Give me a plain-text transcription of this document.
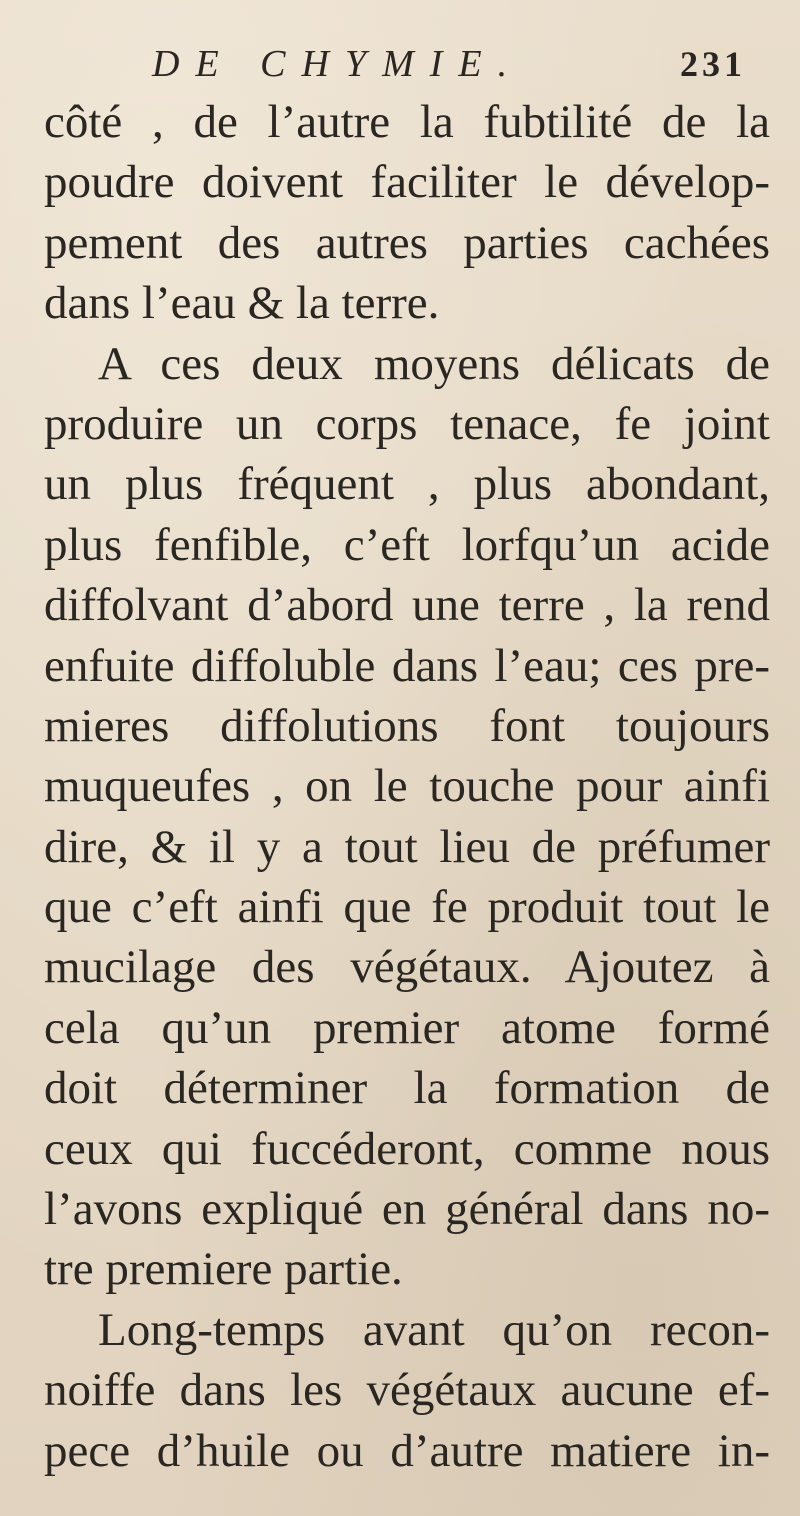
DE CHYMIE.	231
côté , de l’autre la fubtilité de la
poudre doivent faciliter le dévelop-
pement des autres parties cachées
dans l’eau & la terre.
A ces deux moyens délicats de
produire un corps tenace, fe joint
un plus fréquent , plus abondant,
plus fenfible, c’eft lorfqu’un acide
diffolvant d’abord une terre , la rend
enfuite diffoluble dans l’eau; ces pre-
mieres diffolutions font toujours
muqueufes , on le touche pour ainfi
dire, & il y a tout lieu de préfumer
que c’eft ainfi que fe produit tout le
mucilage des végétaux. Ajoutez à
cela qu’un premier atome formé
doit déterminer la formation de
ceux qui fuccéderont, comme nous
l’avons expliqué en général dans no-
tre premiere partie.
Long-temps avant qu’on recon-
noiffe dans les végétaux aucune ef-
pece d’huile ou d’autre matiere in-
